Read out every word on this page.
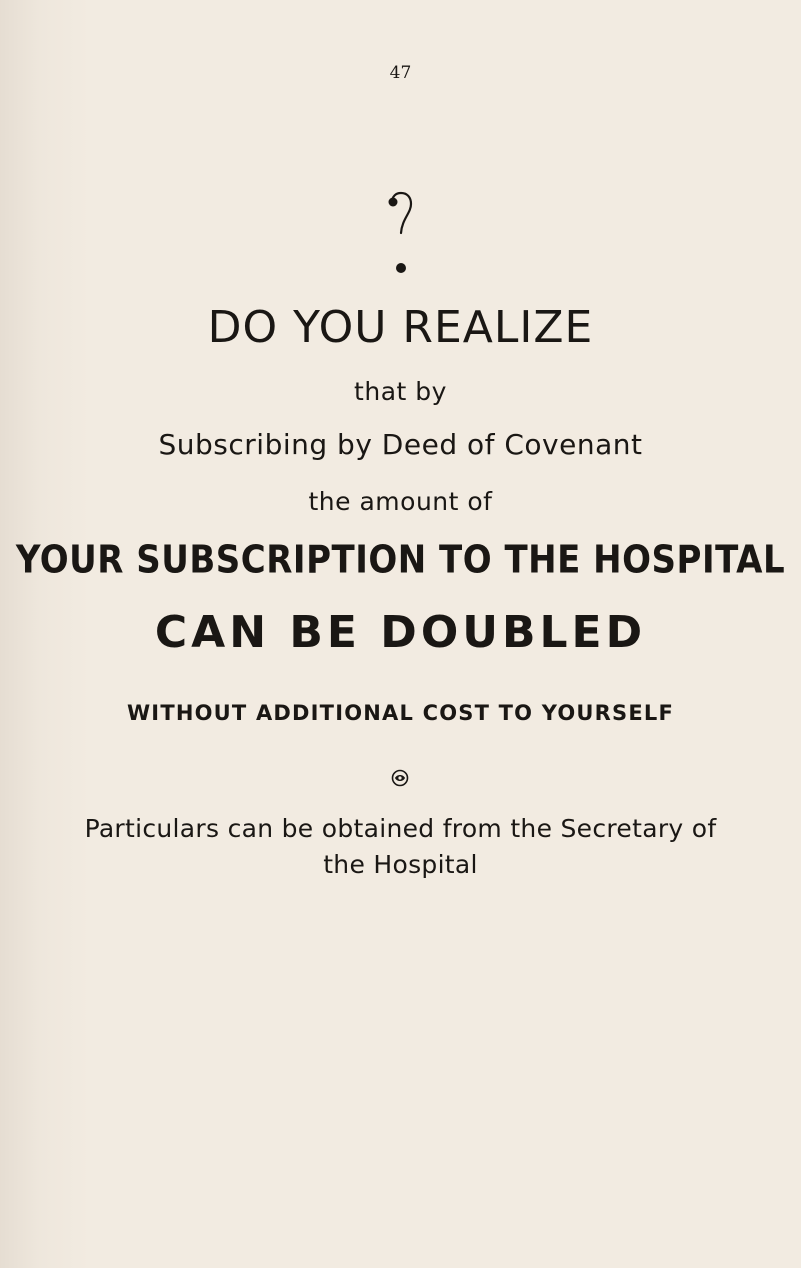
47
DO YOU REALIZE
that by
Subscribing by Deed of Covenant
the amount of
YOUR SUBSCRIPTION TO THE HOSPITAL
CAN BE DOUBLED
WITHOUT ADDITIONAL COST TO YOURSELF
Particulars can be obtained from the Secretary of
the Hospital
